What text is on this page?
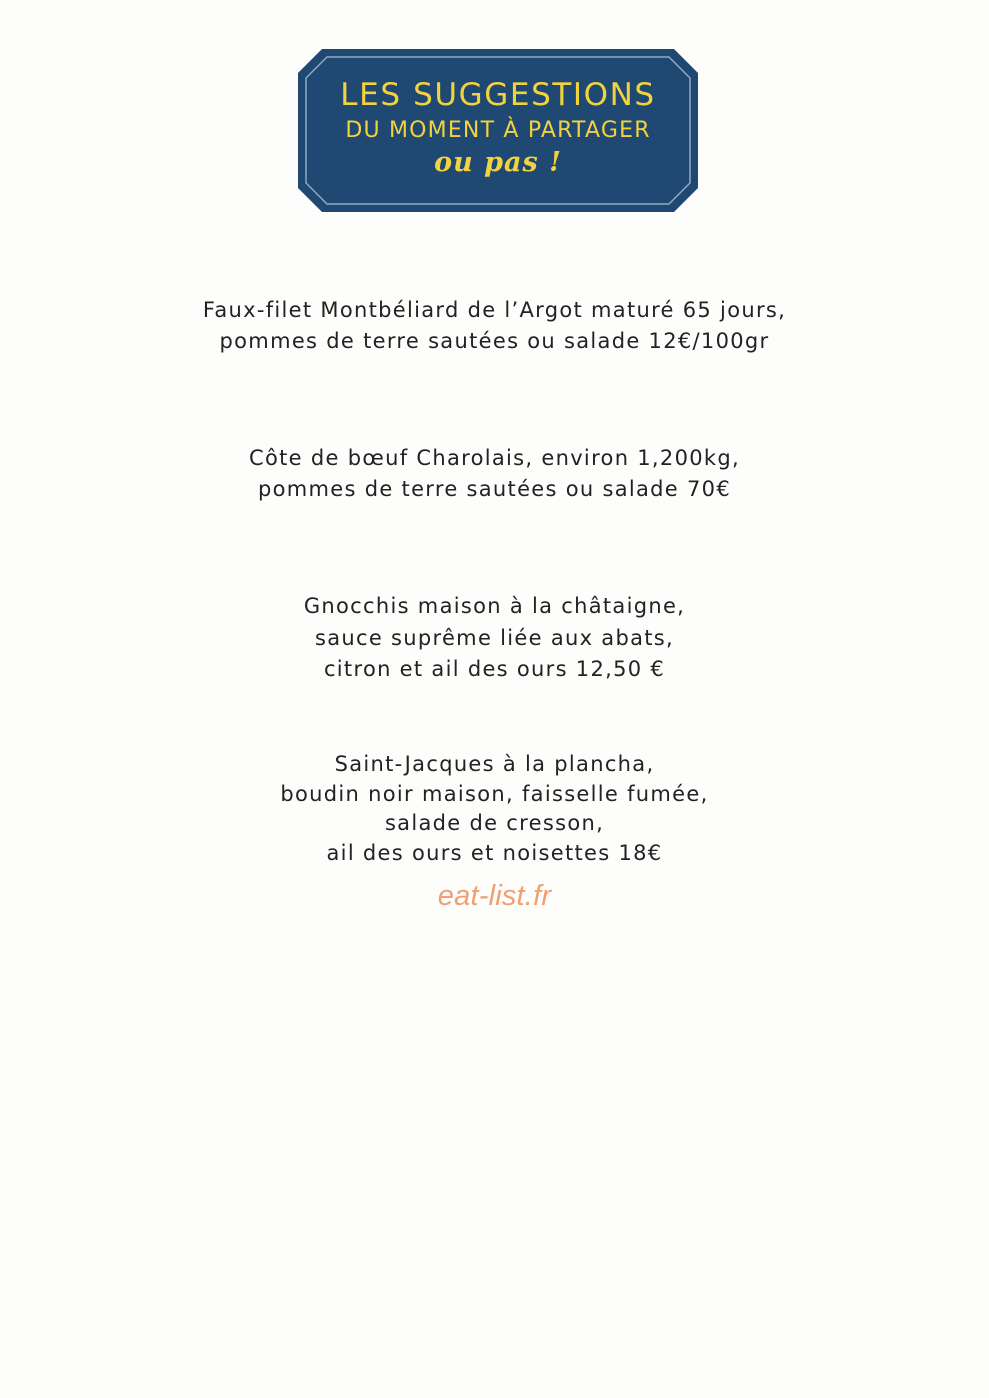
LES SUGGESTIONS
DU MOMENT À PARTAGER
ou pas !
Faux-filet Montbéliard de l’Argot maturé 65 jours,
pommes de terre sautées ou salade 12€/100gr
Côte de bœuf Charolais, environ 1,200kg,
pommes de terre sautées ou salade 70€
Gnocchis maison à la châtaigne,
sauce suprême liée aux abats,
citron et ail des ours 12,50 €
Saint-Jacques à la plancha,
boudin noir maison, faisselle fumée,
salade de cresson,
ail des ours et noisettes 18€
eat-list.fr
